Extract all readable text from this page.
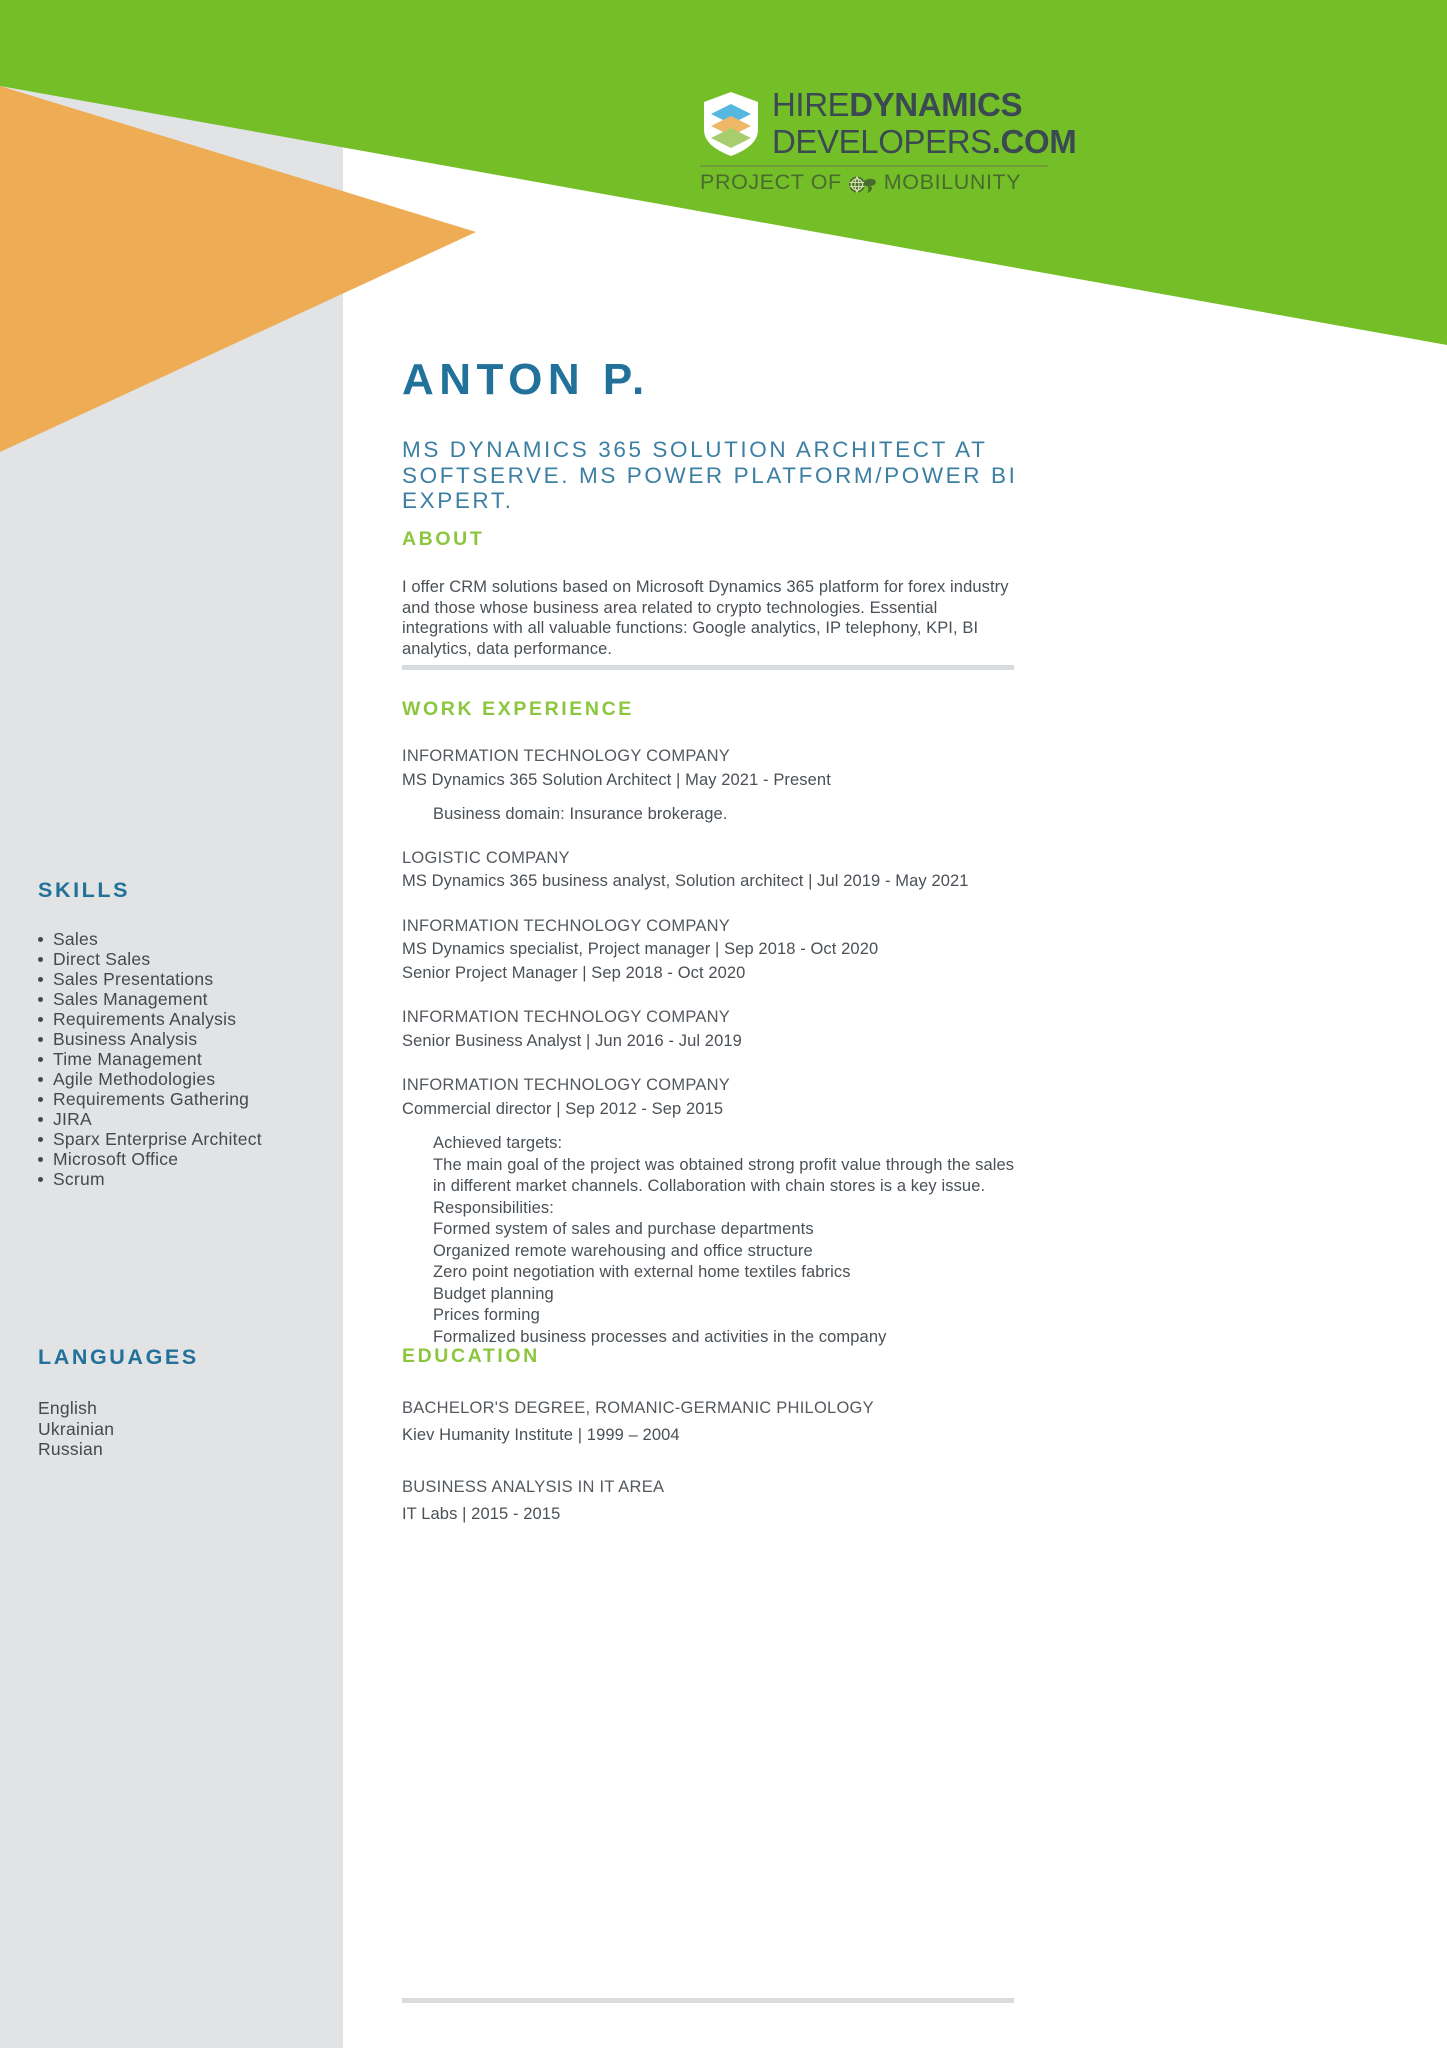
HIREDYNAMICS
DEVELOPERS.COM
PROJECT OF MOBILUNITY
SKILLS
Sales
Direct Sales
Sales Presentations
Sales Management
Requirements Analysis
Business Analysis
Time Management
Agile Methodologies
Requirements Gathering
JIRA
Sparx Enterprise Architect
Microsoft Office
Scrum
LANGUAGES
English
Ukrainian
Russian
ANTON P.
MS DYNAMICS 365 SOLUTION ARCHITECT AT SOFTSERVE. MS POWER PLATFORM/POWER BI EXPERT.
ABOUT

I offer CRM solutions based on Microsoft Dynamics 365 platform for forex industry and those whose business area related to crypto technologies. Essential integrations with all valuable functions: Google analytics, IP telephony, KPI, BI analytics, data performance.

WORK EXPERIENCE
INFORMATION TECHNOLOGY COMPANY
MS Dynamics 365 Solution Architect | May 2021 - Present
Business domain: Insurance brokerage.
LOGISTIC COMPANY
MS Dynamics 365 business analyst, Solution architect | Jul 2019 - May 2021
INFORMATION TECHNOLOGY COMPANY
MS Dynamics specialist, Project manager | Sep 2018 - Oct 2020
Senior Project Manager | Sep 2018 - Oct 2020
INFORMATION TECHNOLOGY COMPANY
Senior Business Analyst | Jun 2016 - Jul 2019
INFORMATION TECHNOLOGY COMPANY
Commercial director | Sep 2012 - Sep 2015
Achieved targets:
The main goal of the project was obtained strong profit value through the sales in different market channels. Collaboration with chain stores is a key issue.
Responsibilities:
Formed system of sales and purchase departments
Organized remote warehousing and office structure
Zero point negotiation with external home textiles fabrics
Budget planning
Prices forming
Formalized business processes and activities in the company
EDUCATION
BACHELOR'S DEGREE, ROMANIC-GERMANIC PHILOLOGY
Kiev Humanity Institute | 1999 – 2004
BUSINESS ANALYSIS IN IT AREA
IT Labs | 2015 - 2015
